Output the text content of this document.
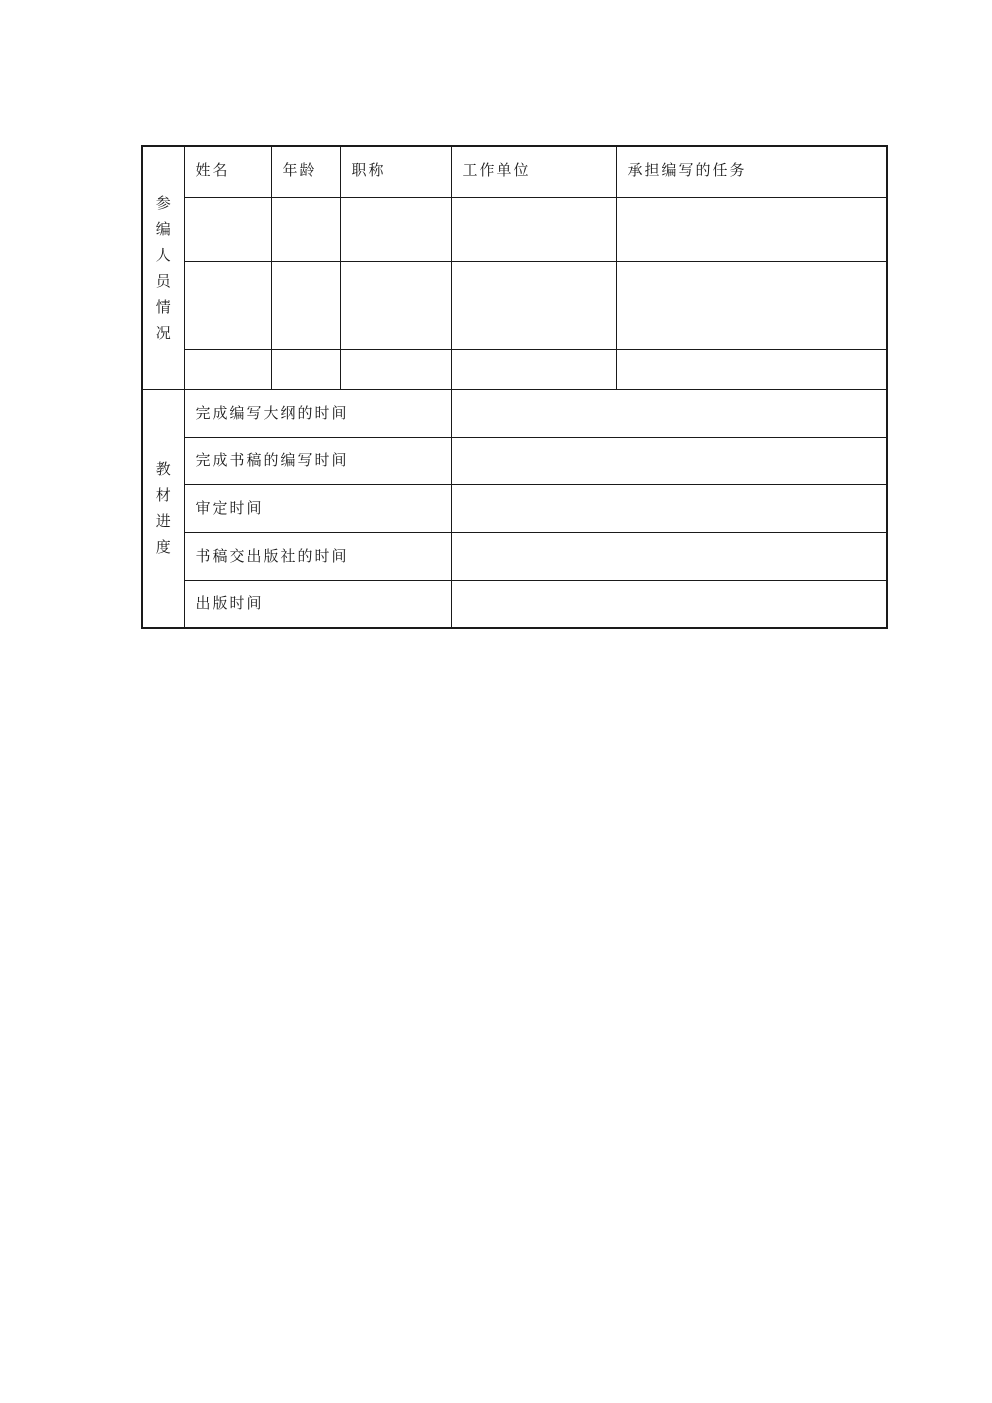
参编人员情况	姓名	年龄	职称	工作单位	承担编写的任务

教材进度	完成编写大纲的时间				
	完成书稿的编写时间				
	审定时间				
	书稿交出版社的时间				
	出版时间				
